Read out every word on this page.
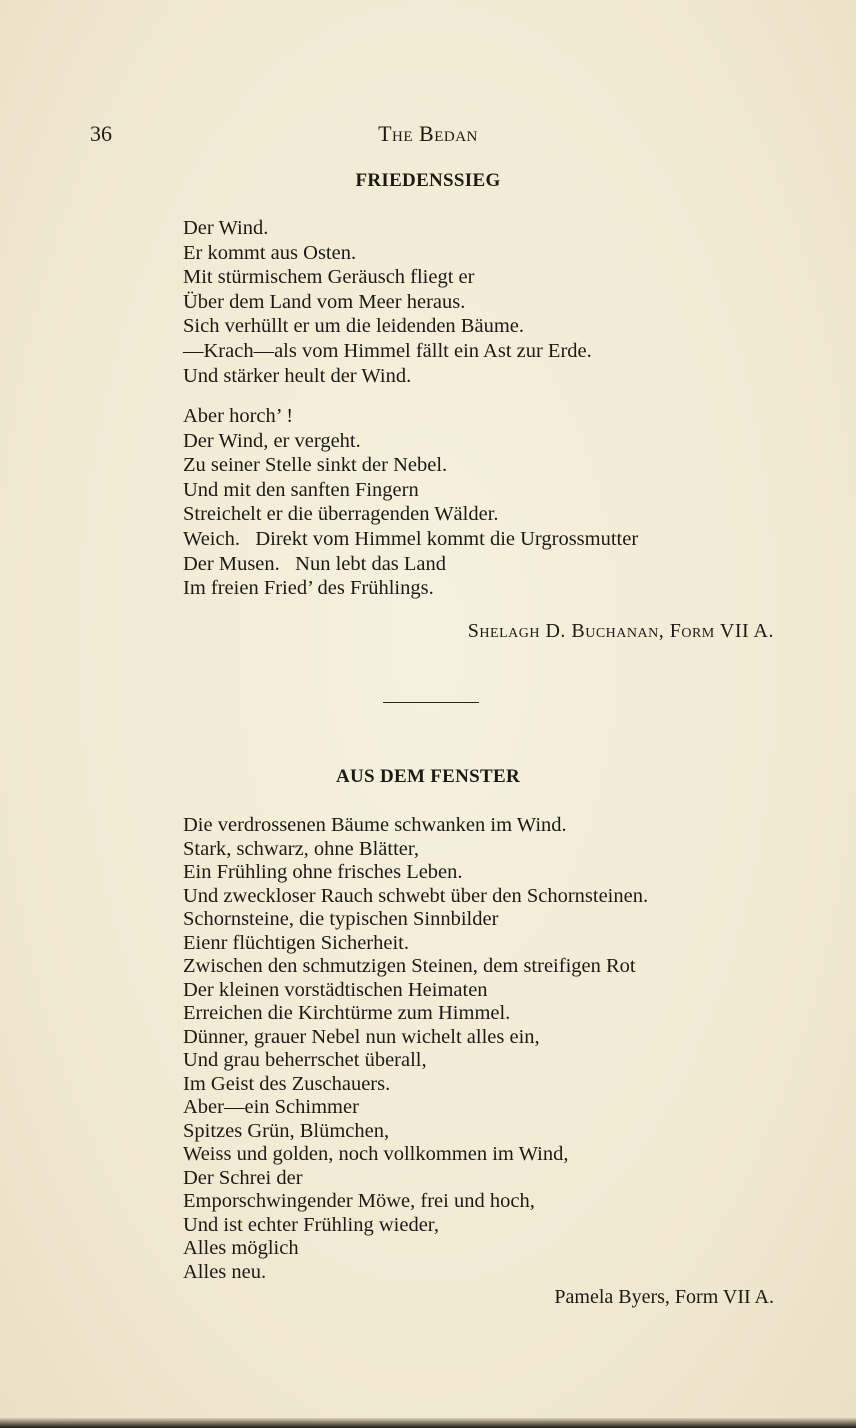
36	The Bedan
FRIEDENSSIEG
Der Wind.
Er kommt aus Osten.
Mit stürmischem Geräusch fliegt er
Über dem Land vom Meer heraus.
Sich verhüllt er um die leidenden Bäume.
—Krach—als vom Himmel fällt ein Ast zur Erde.
Und stärker heult der Wind.
Aber horch’ !
Der Wind, er vergeht.
Zu seiner Stelle sinkt der Nebel.
Und mit den sanften Fingern
Streichelt er die überragenden Wälder.
Weich.   Direkt vom Himmel kommt die Urgrossmutter
Der Musen.   Nun lebt das Land
Im freien Fried’ des Frühlings.
Shelagh D. Buchanan, Form VII A.
AUS DEM FENSTER
Die verdrossenen Bäume schwanken im Wind.
Stark, schwarz, ohne Blätter,
Ein Frühling ohne frisches Leben.
Und zweckloser Rauch schwebt über den Schornsteinen.
Schornsteine, die typischen Sinnbilder
Eienr flüchtigen Sicherheit.
Zwischen den schmutzigen Steinen, dem streifigen Rot
Der kleinen vorstädtischen Heimaten
Erreichen die Kirchtürme zum Himmel.
Dünner, grauer Nebel nun wichelt alles ein,
Und grau beherrschet überall,
Im Geist des Zuschauers.
Aber—ein Schimmer
Spitzes Grün, Blümchen,
Weiss und golden, noch vollkommen im Wind,
Der Schrei der
Emporschwingender Möwe, frei und hoch,
Und ist echter Frühling wieder,
Alles möglich
Alles neu.
Pamela Byers, Form VII A.
